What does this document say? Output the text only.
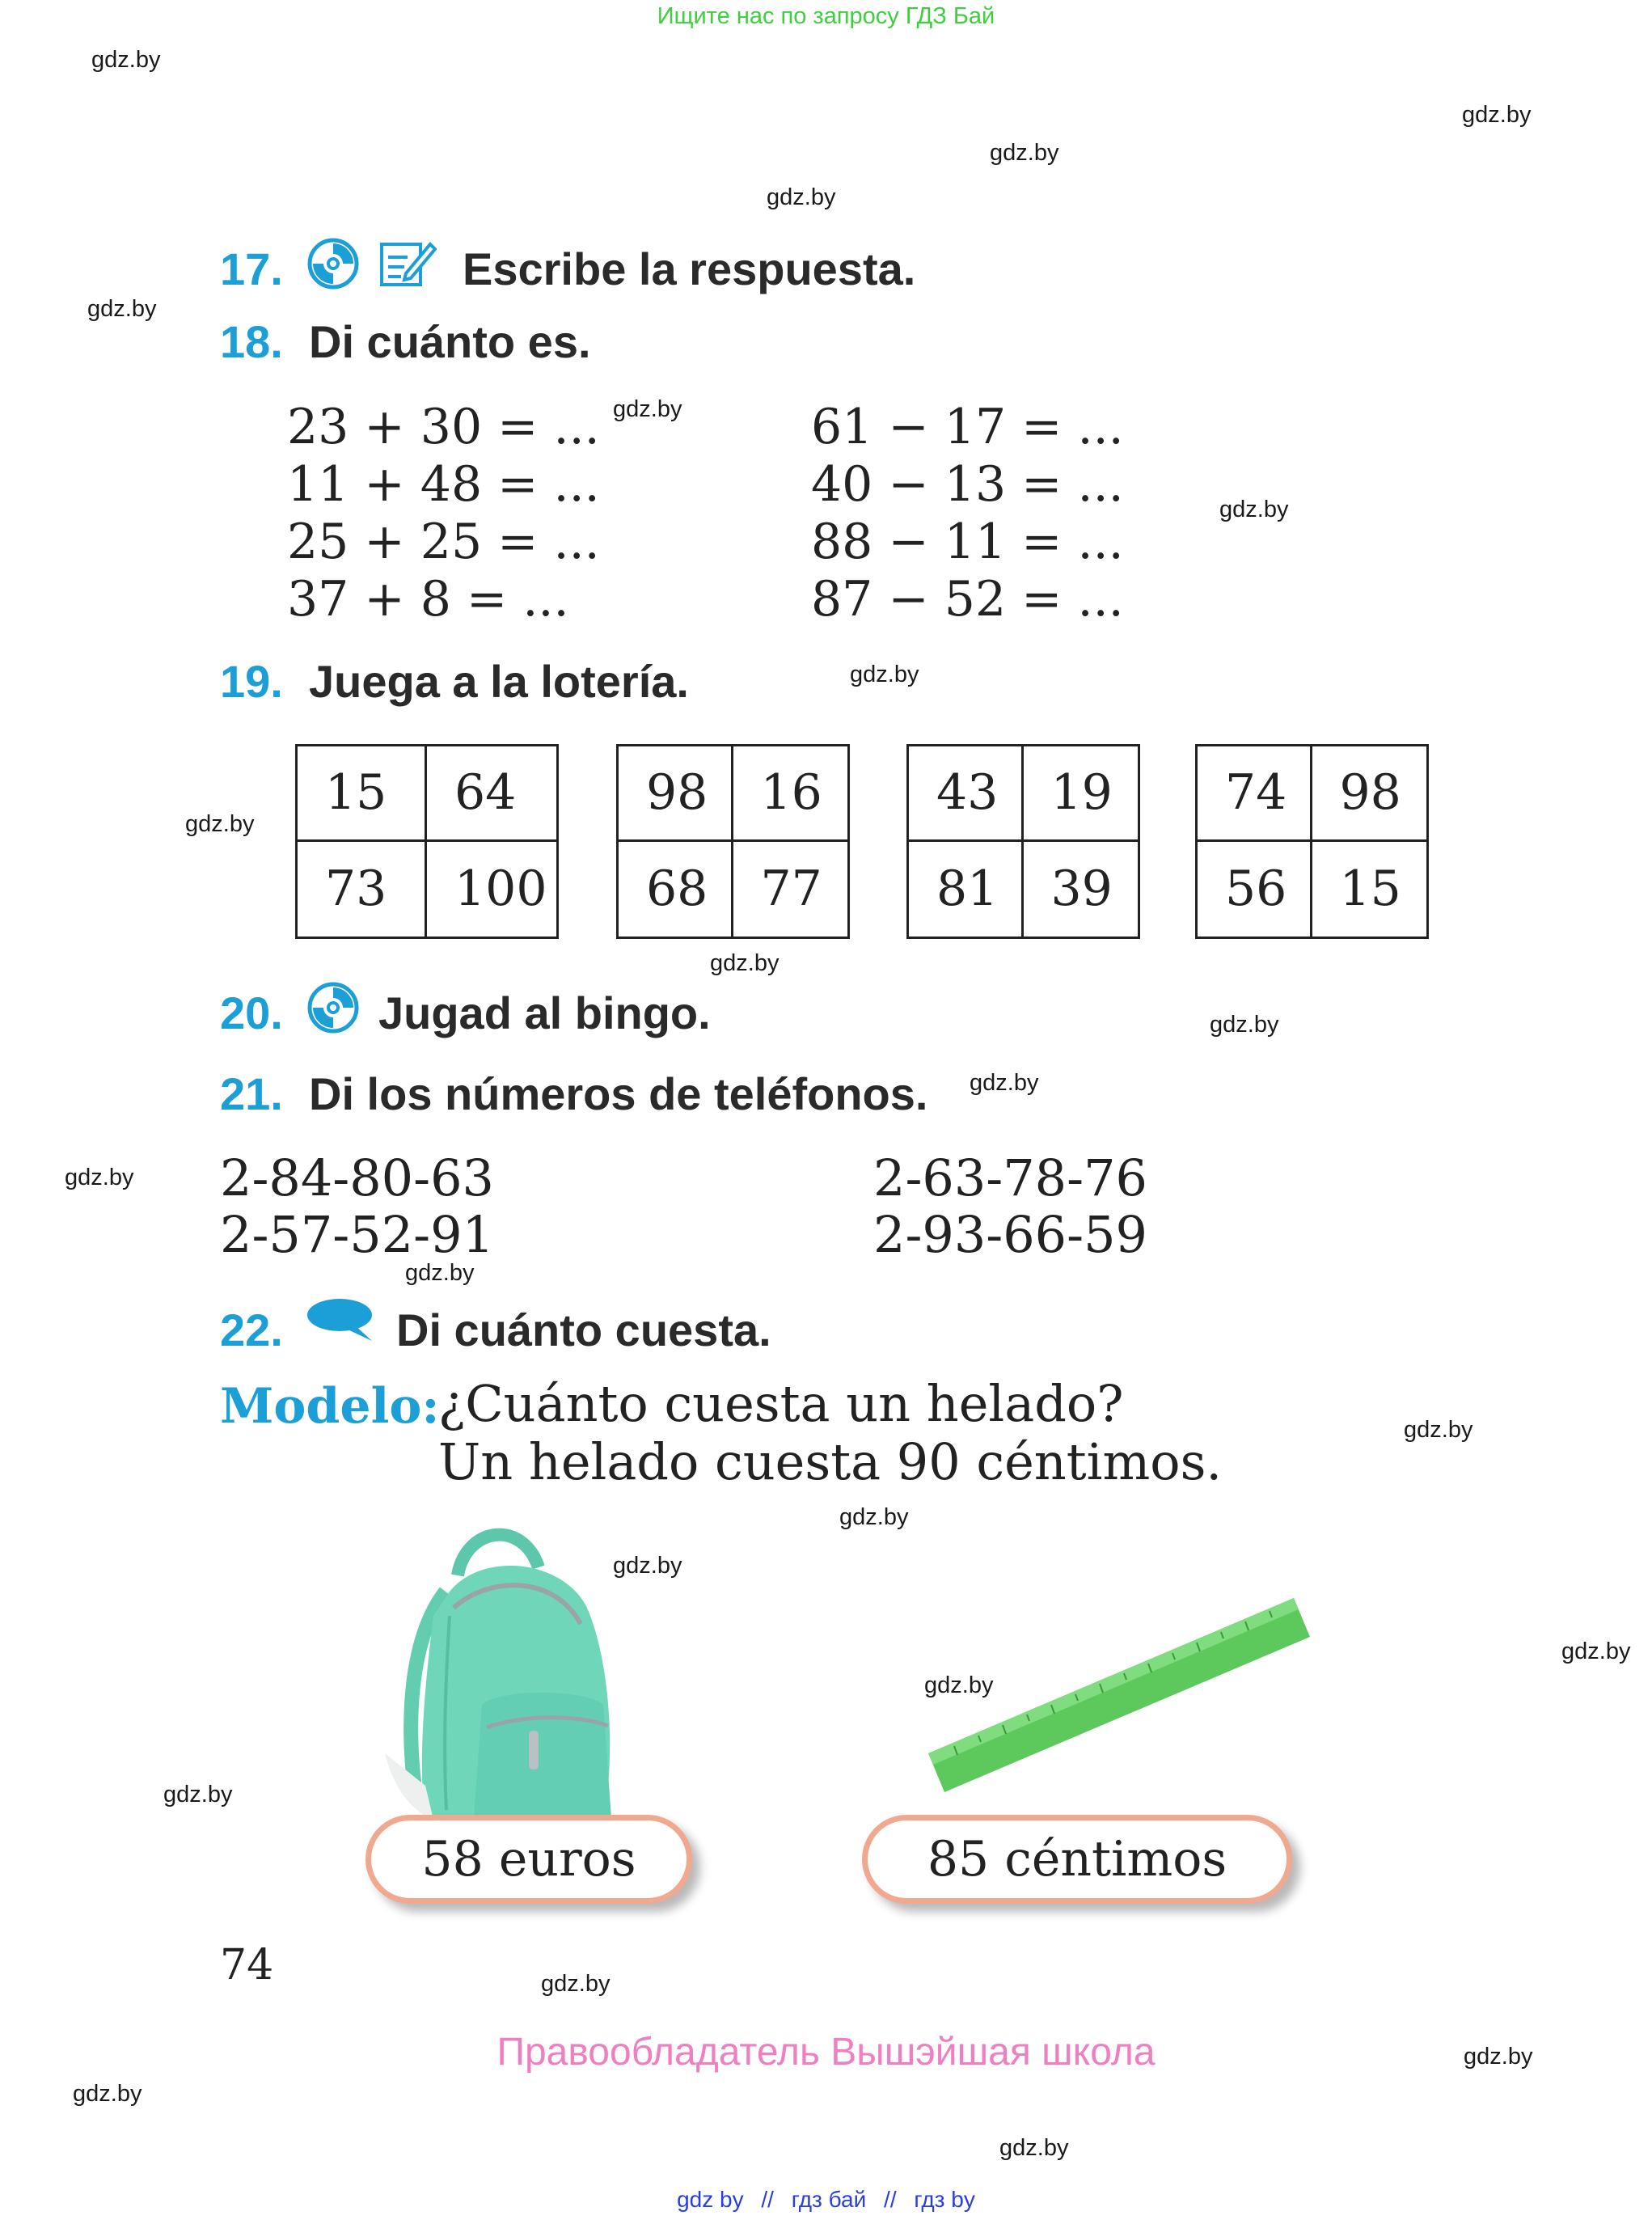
Ищите нас по запросу ГДЗ Бай
gdz.by
gdz.by
gdz.by
gdz.by
gdz.by
gdz.by
gdz.by
gdz.by
gdz.by
gdz.by
gdz.by
gdz.by
gdz.by
gdz.by
gdz.by
gdz.by
gdz.by
gdz.by
gdz.by
gdz.by
gdz.by
gdz.by
gdz.by
gdz.by
17.	Escribe la respuesta.
18. Di cuánto es.
23 + 30 = ...
11 + 48 = ...
25 + 25 = ...
37 + 8 = ...
61 − 17 = ...
40 − 13 = ...
88 − 11 = ...
87 − 52 = ...
19. Juega a la lotería.
15	64
73	100
98	16
68	77
43	19
81	39
74	98
56	15
20. Jugad al bingo.
21. Di los números de teléfonos.
2-84-80-63
2-57-52-91
2-63-78-76
2-93-66-59
22.	Di cuánto cuesta.
Modelo:
¿Cuánto cuesta un helado?
Un helado cuesta 90 céntimos.
58 euros	85 céntimos
74
Правообладатель Вышэйшая школа
gdz by // гдз бай // гдз by
